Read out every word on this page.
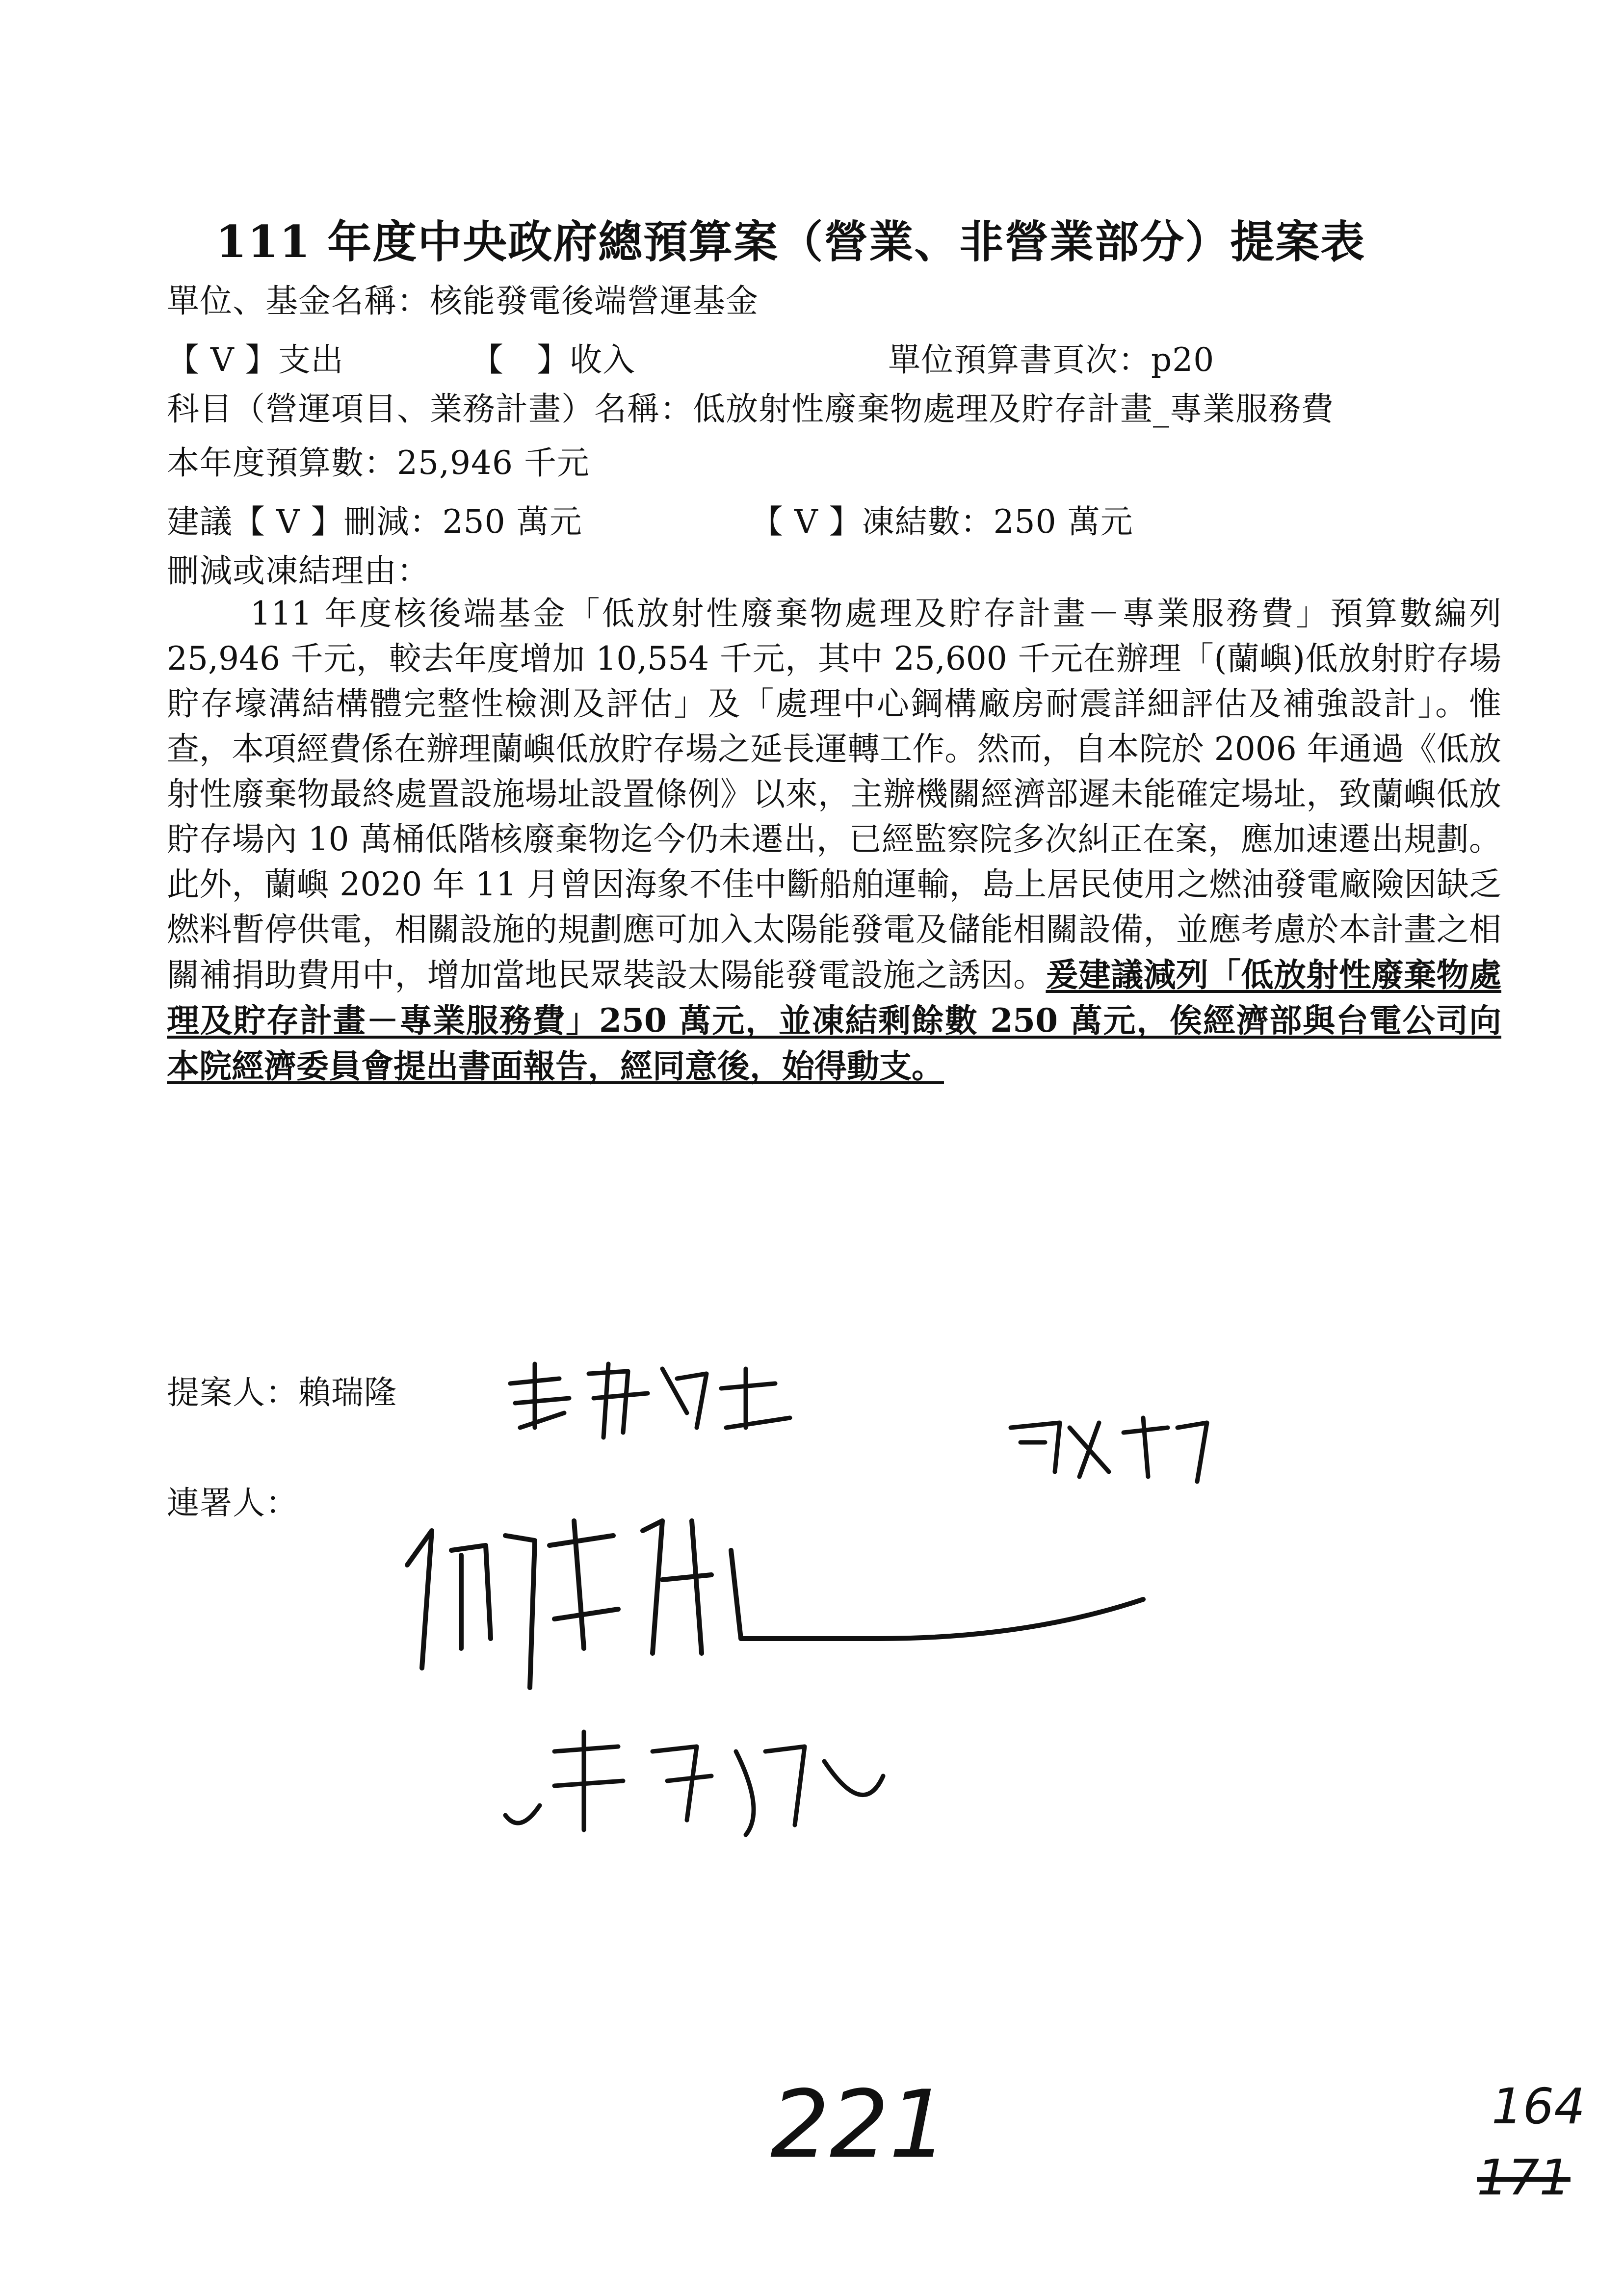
111 年度中央政府總預算案（營業、非營業部分）提案表
單位、基金名稱：核能發電後端營運基金
【 V 】支出	【　】收入	單位預算書頁次：p20
科目（營運項目、業務計畫）名稱：低放射性廢棄物處理及貯存計畫_專業服務費
本年度預算數：25,946 千元
建議【 V 】刪減：250 萬元	【 V 】凍結數：250 萬元
刪減或凍結理由：

111 年度核後端基金「低放射性廢棄物處理及貯存計畫－專業服務費」預算數編列 25,946 千元，較去年度增加 10,554 千元，其中 25,600 千元在辦理「(蘭嶼)低放射貯存場貯存壕溝結構體完整性檢測及評估」及「處理中心鋼構廠房耐震詳細評估及補強設計」。惟查，本項經費係在辦理蘭嶼低放貯存場之延長運轉工作。然而，自本院於 2006 年通過《低放射性廢棄物最終處置設施場址設置條例》以來，主辦機關經濟部遲未能確定場址，致蘭嶼低放貯存場內 10 萬桶低階核廢棄物迄今仍未遷出，已經監察院多次糾正在案，應加速遷出規劃。此外，蘭嶼 2020 年 11 月曾因海象不佳中斷船舶運輸，島上居民使用之燃油發電廠險因缺乏燃料暫停供電，相關設施的規劃應可加入太陽能發電及儲能相關設備，並應考慮於本計畫之相關補捐助費用中，增加當地民眾裝設太陽能發電設施之誘因。爰建議減列「低放射性廢棄物處理及貯存計畫－專業服務費」250 萬元，並凍結剩餘數 250 萬元，俟經濟部與台電公司向本院經濟委員會提出書面報告，經同意後，始得動支。

提案人：賴瑞隆
連署人：
221	164
171
